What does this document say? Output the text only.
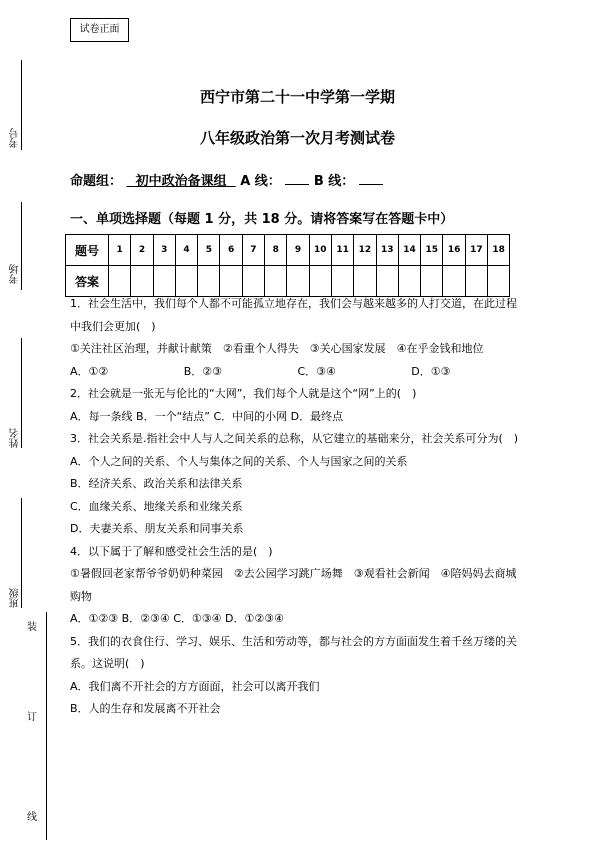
试卷正面
考号
考场
姓名
班级
装
订
线
西宁市第二十一中学第一学期
八年级政治第一次月考测试卷
命题组： 初中政治备课组 A 线：	B 线：
一、单项选择题（每题 1 分，共 18 分。请将答案写在答题卡中）
题号	1	2	3	4	5	6	7	8	9	10	11	12	13	14	15	16	17	18
答案																		

1．社会生活中，我们每个人都不可能孤立地存在，我们会与越来越多的人打交道，在此过程中我们会更加(　)

①关注社区治理，并献计献策　②看重个人得失　③关心国家发展　④在乎金钱和地位

A．①②	B．②③	C．③④	D．①③

2．社会就是一张无与伦比的“大网”，我们每个人就是这个“网”上的(　)

A．每一条线 B．一个“结点” C．中间的小网 D．最终点

3．社会关系是.指社会中人与人之间关系的总称，从它建立的基础来分，社会关系可分为(　)

A．个人之间的关系、个人与集体之间的关系、个人与国家之间的关系

B．经济关系、政治关系和法律关系

C．血缘关系、地缘关系和业缘关系

D．夫妻关系、朋友关系和同事关系

4．以下属于了解和感受社会生活的是(　)

①暑假回老家帮爷爷奶奶种菜园　②去公园学习跳广场舞　③观看社会新闻　④陪妈妈去商城购物

A．①②③ B．②③④ C．①③④ D．①②③④

5．我们的衣食住行、学习、娱乐、生活和劳动等，都与社会的方方面面发生着千丝万缕的关系。这说明(　)

A．我们离不开社会的方方面面，社会可以离开我们

B．人的生存和发展离不开社会
